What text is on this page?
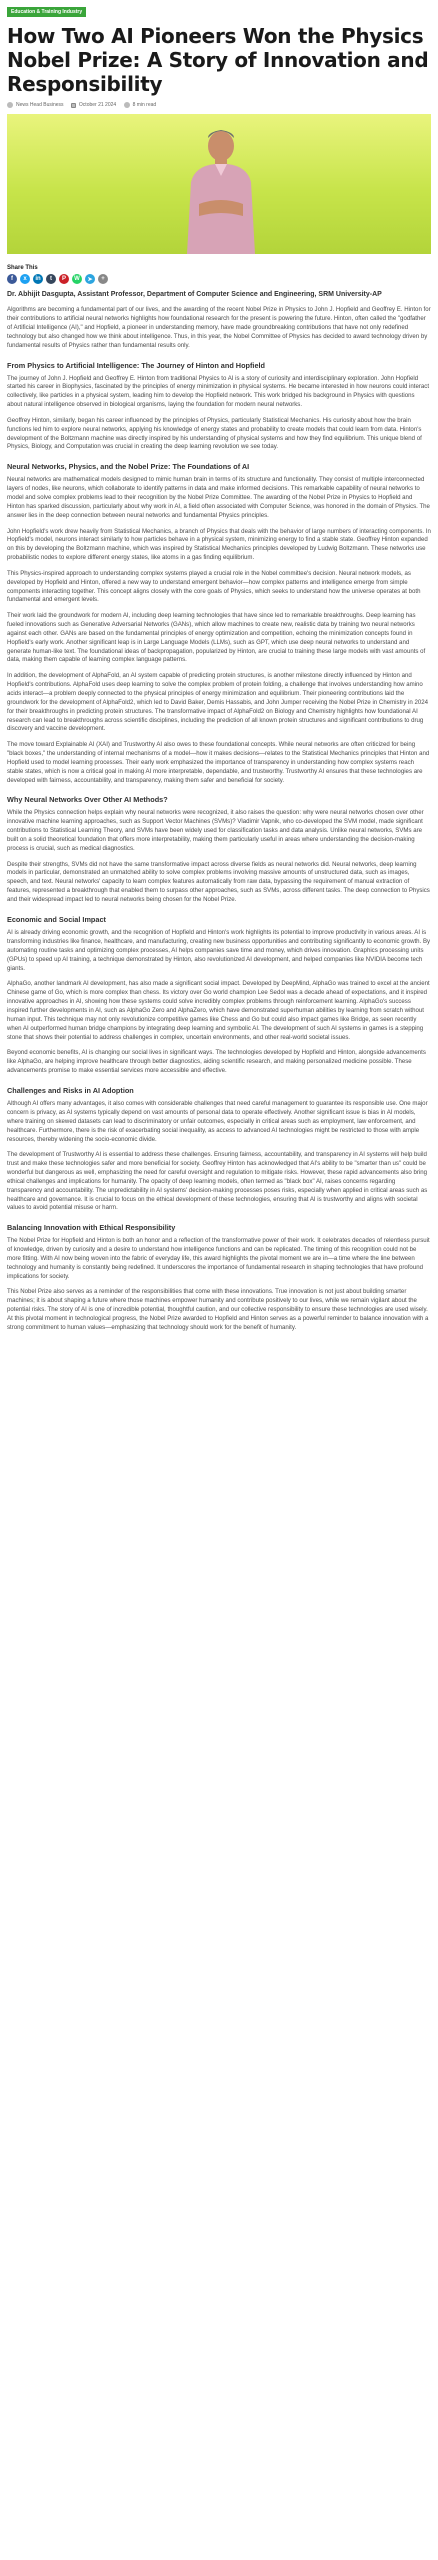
Education & Training Industry
How Two AI Pioneers Won the Physics Nobel Prize: A Story of Innovation and Responsibility
News Head Business
	October 21 2024
	8 min read
Share This
f	x	in	t	P	W	➤	+
Dr. Abhijit Dasgupta, Assistant Professor, Department of Computer Science and Engineering, SRM University-AP

Algorithms are becoming a fundamental part of our lives, and the awarding of the recent Nobel Prize in Physics to John J. Hopfield and Geoffrey E. Hinton for their contributions to artificial neural networks highlights how foundational research for the present is powering the future. Hinton, often called the "godfather of Artificial Intelligence (AI)," and Hopfield, a pioneer in understanding memory, have made groundbreaking contributions that have not only redefined technology but also changed how we think about intelligence. Thus, in this year, the Nobel Committee of Physics has decided to award technology driven by fundamental results of Physics rather than fundamental results only.

From Physics to Artificial Intelligence: The Journey of Hinton and Hopfield

The journey of John J. Hopfield and Geoffrey E. Hinton from traditional Physics to AI is a story of curiosity and interdisciplinary exploration. John Hopfield started his career in Biophysics, fascinated by the principles of energy minimization in physical systems. He became interested in how neurons could interact collectively, like particles in a physical system, leading him to develop the Hopfield network. This work bridged his background in Physics with questions about natural intelligence observed in biological organisms, laying the foundation for modern neural networks.

Geoffrey Hinton, similarly, began his career influenced by the principles of Physics, particularly Statistical Mechanics. His curiosity about how the brain functions led him to explore neural networks, applying his knowledge of energy states and probability to create models that could learn from data. Hinton's development of the Boltzmann machine was directly inspired by his understanding of physical systems and how they find equilibrium. This unique blend of Physics, Biology, and Computation was crucial in creating the deep learning revolution we see today.

Neural Networks, Physics, and the Nobel Prize: The Foundations of AI

Neural networks are mathematical models designed to mimic human brain in terms of its structure and functionality. They consist of multiple interconnected layers of nodes, like neurons, which collaborate to identify patterns in data and make informed decisions. This remarkable capability of neural networks to model and solve complex problems lead to their recognition by the Nobel Prize Committee. The awarding of the Nobel Prize in Physics to Hopfield and Hinton has sparked discussion, particularly about why work in AI, a field often associated with Computer Science, was honored in the domain of Physics. The answer lies in the deep connection between neural networks and fundamental Physics principles.

John Hopfield's work drew heavily from Statistical Mechanics, a branch of Physics that deals with the behavior of large numbers of interacting components. In Hopfield's model, neurons interact similarly to how particles behave in a physical system, minimizing energy to find a stable state. Geoffrey Hinton expanded on this by developing the Boltzmann machine, which was inspired by Statistical Mechanics principles developed by Ludwig Boltzmann. These networks use probabilistic nodes to explore different energy states, like atoms in a gas finding equilibrium.

This Physics-inspired approach to understanding complex systems played a crucial role in the Nobel committee's decision. Neural network models, as developed by Hopfield and Hinton, offered a new way to understand emergent behavior—how complex patterns and intelligence emerge from simple components interacting together. This concept aligns closely with the core goals of Physics, which seeks to understand how the universe operates at both fundamental and emergent levels.

Their work laid the groundwork for modern AI, including deep learning technologies that have since led to remarkable breakthroughs. Deep learning has fueled innovations such as Generative Adversarial Networks (GANs), which allow machines to create new, realistic data by training two neural networks against each other. GANs are based on the fundamental principles of energy optimization and competition, echoing the minimization concepts found in Hopfield's early work. Another significant leap is in Large Language Models (LLMs), such as GPT, which use deep neural networks to understand and generate human-like text. The foundational ideas of backpropagation, popularized by Hinton, are crucial to training these large models with vast amounts of data, making them capable of learning complex language patterns.

In addition, the development of AlphaFold, an AI system capable of predicting protein structures, is another milestone directly influenced by Hinton and Hopfield's contributions. AlphaFold uses deep learning to solve the complex problem of protein folding, a challenge that involves understanding how amino acids interact—a problem deeply connected to the physical principles of energy minimization and equilibrium. Their pioneering contributions laid the groundwork for the development of AlphaFold2, which led to David Baker, Demis Hassabis, and John Jumper receiving the Nobel Prize in Chemistry in 2024 for their breakthroughs in predicting protein structures. The transformative impact of AlphaFold2 on Biology and Chemistry highlights how foundational AI research can lead to breakthroughs across scientific disciplines, including the prediction of all known protein structures and significant contributions to drug discovery and vaccine development.

The move toward Explainable AI (XAI) and Trustworthy AI also owes to these foundational concepts. While neural networks are often criticized for being "black boxes," the understanding of internal mechanisms of a model—how it makes decisions—relates to the Statistical Mechanics principles that Hinton and Hopfield used to model learning processes. Their early work emphasized the importance of transparency in understanding how complex systems reach stable states, which is now a critical goal in making AI more interpretable, dependable, and trustworthy. Trustworthy AI ensures that these technologies are developed with fairness, accountability, and transparency, making them safer and beneficial for society.

Why Neural Networks Over Other AI Methods?

While the Physics connection helps explain why neural networks were recognized, it also raises the question: why were neural networks chosen over other innovative machine learning approaches, such as Support Vector Machines (SVMs)? Vladimir Vapnik, who co-developed the SVM model, made significant contributions to Statistical Learning Theory, and SVMs have been widely used for classification tasks and data analysis. Unlike neural networks, SVMs are built on a solid theoretical foundation that offers more interpretability, making them particularly useful in areas where understanding the decision-making process is crucial, such as medical diagnostics.

Despite their strengths, SVMs did not have the same transformative impact across diverse fields as neural networks did. Neural networks, deep learning models in particular, demonstrated an unmatched ability to solve complex problems involving massive amounts of unstructured data, such as images, speech, and text. Neural networks' capacity to learn complex features automatically from raw data, bypassing the requirement of manual extraction of features, represented a breakthrough that enabled them to surpass other approaches, such as SVMs, across different tasks. The deep connection to Physics and their widespread impact led to neural networks being chosen for the Nobel Prize.

Economic and Social Impact

AI is already driving economic growth, and the recognition of Hopfield and Hinton's work highlights its potential to improve productivity in various areas. AI is transforming industries like finance, healthcare, and manufacturing, creating new business opportunities and contributing significantly to economic growth. By automating routine tasks and optimizing complex processes, AI helps companies save time and money, which drives innovation. Graphics processing units (GPUs) to speed up AI training, a technique demonstrated by Hinton, also revolutionized AI development, and helped companies like NVIDIA become tech giants.

AlphaGo, another landmark AI development, has also made a significant social impact. Developed by DeepMind, AlphaGo was trained to excel at the ancient Chinese game of Go, which is more complex than chess. Its victory over Go world champion Lee Sedol was a decade ahead of expectations, and it inspired innovative approaches in AI, showing how these systems could solve incredibly complex problems through reinforcement learning. AlphaGo's success inspired further developments in AI, such as AlphaGo Zero and AlphaZero, which have demonstrated superhuman abilities by learning from scratch without human input. This technique may not only revolutionize competitive games like Chess and Go but could also impact games like Bridge, as seen recently when AI outperformed human bridge champions by integrating deep learning and symbolic AI. The development of such AI systems in games is a stepping stone that shows their potential to address challenges in complex, uncertain environments, and other real-world societal issues.

Beyond economic benefits, AI is changing our social lives in significant ways. The technologies developed by Hopfield and Hinton, alongside advancements like AlphaGo, are helping improve healthcare through better diagnostics, aiding scientific research, and making personalized medicine possible. These advancements promise to make essential services more accessible and effective.

Challenges and Risks in AI Adoption

Although AI offers many advantages, it also comes with considerable challenges that need careful management to guarantee its responsible use. One major concern is privacy, as AI systems typically depend on vast amounts of personal data to operate effectively. Another significant issue is bias in AI models, where training on skewed datasets can lead to discriminatory or unfair outcomes, especially in critical areas such as employment, law enforcement, and healthcare. Furthermore, there is the risk of exacerbating social inequality, as access to advanced AI technologies might be restricted to those with ample resources, thereby widening the socio-economic divide.

The development of Trustworthy AI is essential to address these challenges. Ensuring fairness, accountability, and transparency in AI systems will help build trust and make these technologies safer and more beneficial for society. Geoffrey Hinton has acknowledged that AI's ability to be "smarter than us" could be wonderful but dangerous as well, emphasizing the need for careful oversight and regulation to mitigate risks. However, these rapid advancements also bring ethical challenges and implications for humanity. The opacity of deep learning models, often termed as "black box" AI, raises concerns regarding transparency and accountability. The unpredictability in AI systems' decision-making processes poses risks, especially when applied in critical areas such as healthcare and governance. It is crucial to focus on the ethical development of these technologies, ensuring that AI is trustworthy and aligns with societal values to avoid potential misuse or harm.

Balancing Innovation with Ethical Responsibility

The Nobel Prize for Hopfield and Hinton is both an honor and a reflection of the transformative power of their work. It celebrates decades of relentless pursuit of knowledge, driven by curiosity and a desire to understand how intelligence functions and can be replicated. The timing of this recognition could not be more fitting. With AI now being woven into the fabric of everyday life, this award highlights the pivotal moment we are in—a time where the line between technology and humanity is constantly being redefined. It underscores the importance of fundamental research in shaping technologies that have profound implications for society.

This Nobel Prize also serves as a reminder of the responsibilities that come with these innovations. True innovation is not just about building smarter machines; it is about shaping a future where those machines empower humanity and contribute positively to our lives, while we remain vigilant about the potential risks. The story of AI is one of incredible potential, thoughtful caution, and our collective responsibility to ensure these technologies are used wisely. At this pivotal moment in technological progress, the Nobel Prize awarded to Hopfield and Hinton serves as a powerful reminder to balance innovation with a strong commitment to human values—emphasizing that technology should work for the benefit of humanity.
